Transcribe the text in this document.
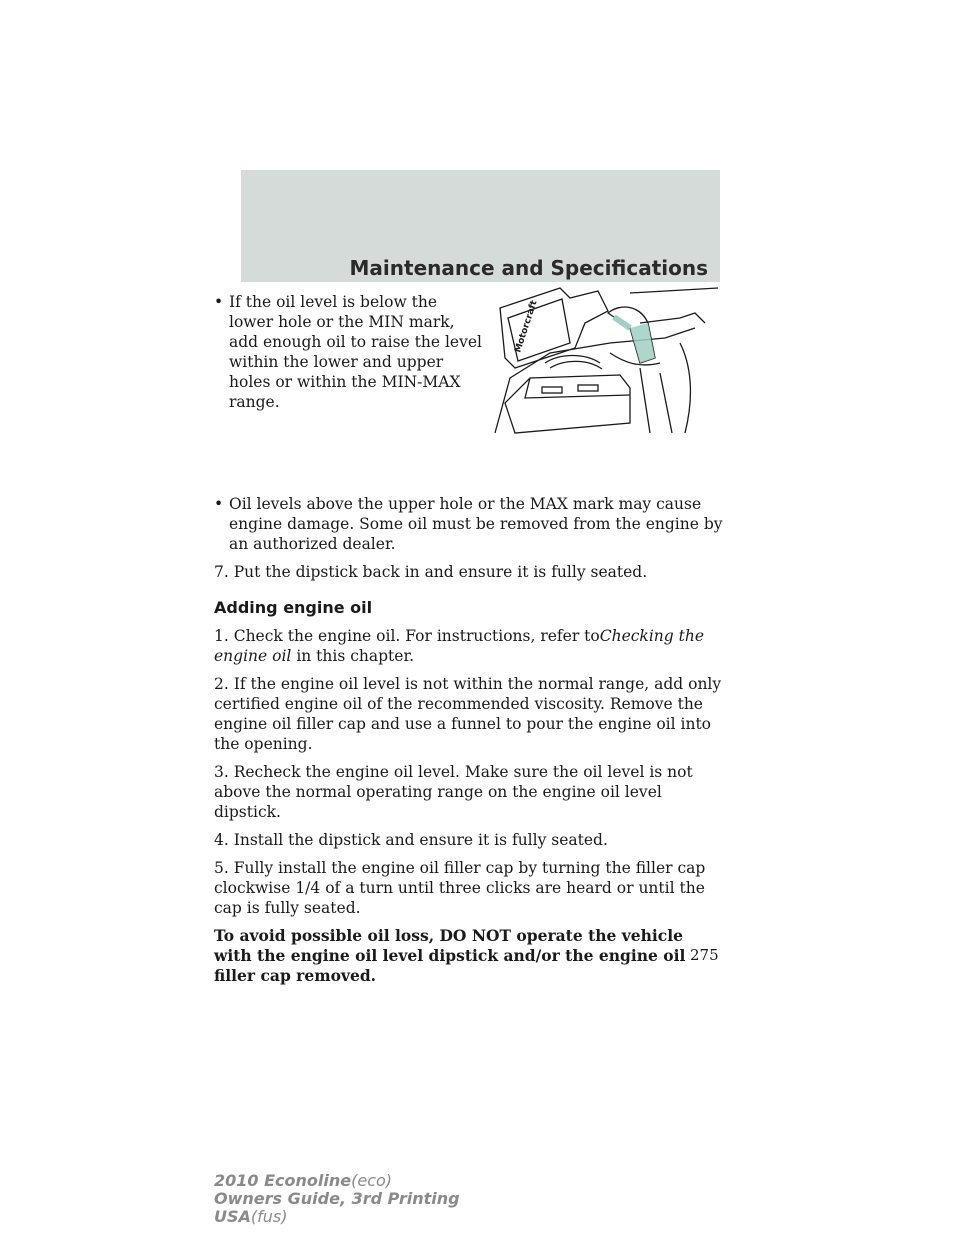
Maintenance and Specifications
• If the oil level is below the lower hole or the MIN mark, add enough oil to raise the level within the lower and upper holes or within the MIN-MAX range.
• Oil levels above the upper hole or the MAX mark may cause engine damage. Some oil must be removed from the engine by an authorized dealer.

7. Put the dipstick back in and ensure it is fully seated.

Adding engine oil

1. Check the engine oil. For instructions, refer toChecking the engine oil in this chapter.

2. If the engine oil level is not within the normal range, add only certified engine oil of the recommended viscosity. Remove the engine oil filler cap and use a funnel to pour the engine oil into the opening.

3. Recheck the engine oil level. Make sure the oil level is not above the normal operating range on the engine oil level dipstick.

4. Install the dipstick and ensure it is fully seated.

5. Fully install the engine oil filler cap by turning the filler cap clockwise 1/4 of a turn until three clicks are heard or until the cap is fully seated.

To avoid possible oil loss, DO NOT operate the vehicle with the engine oil level dipstick and/or the engine oil filler cap removed.

Motorcraft
275
2010 Econoline(eco)
Owners Guide, 3rd Printing
USA(fus)
